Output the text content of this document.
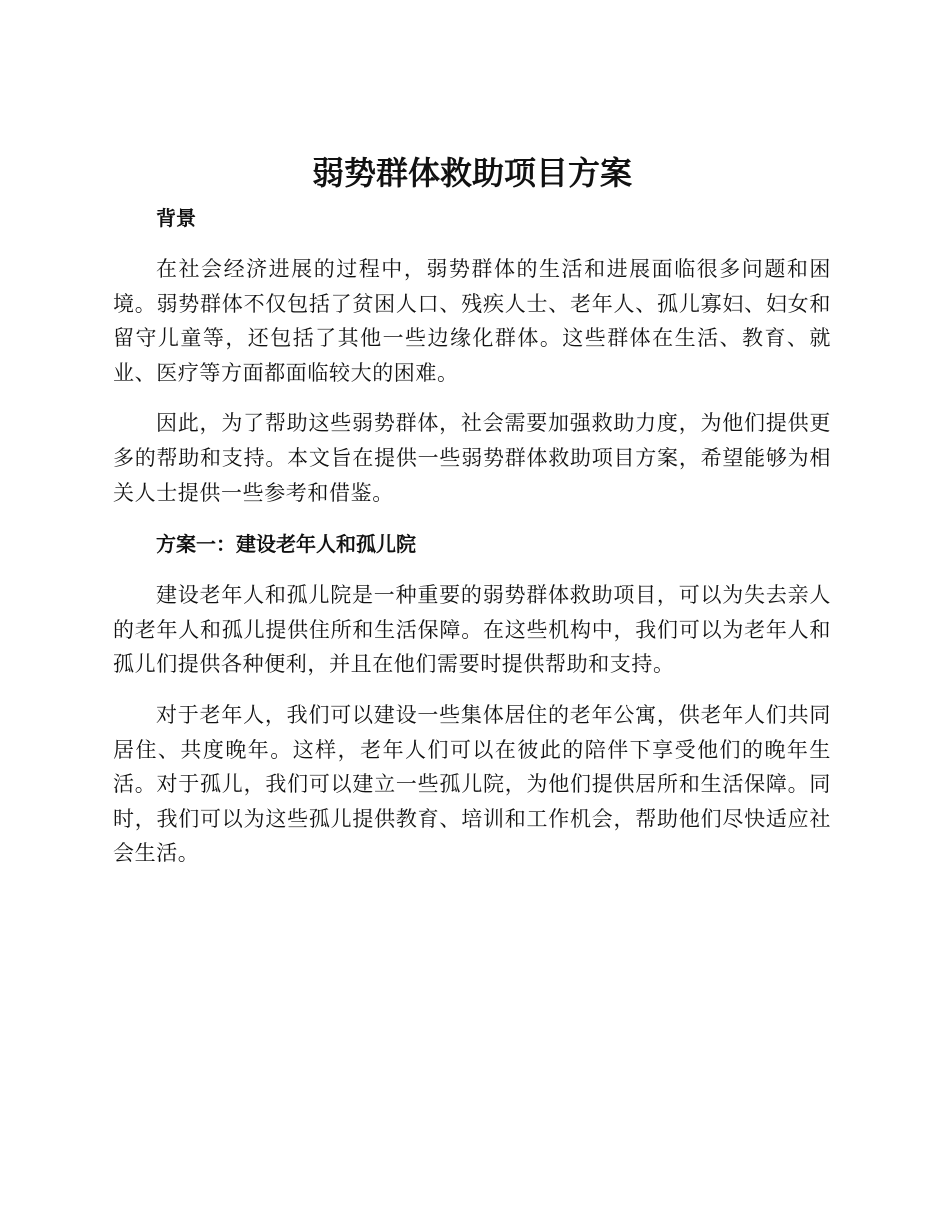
弱势群体救助项目方案
背景

在社会经济进展的过程中，弱势群体的生活和进展面临很多问题和困境。弱势群体不仅包括了贫困人口、残疾人士、老年人、孤儿寡妇、妇女和留守儿童等，还包括了其他一些边缘化群体。这些群体在生活、教育、就业、医疗等方面都面临较大的困难。

因此，为了帮助这些弱势群体，社会需要加强救助力度，为他们提供更多的帮助和支持。本文旨在提供一些弱势群体救助项目方案，希望能够为相关人士提供一些参考和借鉴。

方案一：建设老年人和孤儿院

建设老年人和孤儿院是一种重要的弱势群体救助项目，可以为失去亲人的老年人和孤儿提供住所和生活保障。在这些机构中，我们可以为老年人和孤儿们提供各种便利，并且在他们需要时提供帮助和支持。

对于老年人，我们可以建设一些集体居住的老年公寓，供老年人们共同居住、共度晚年。这样，老年人们可以在彼此的陪伴下享受他们的晚年生活。对于孤儿，我们可以建立一些孤儿院，为他们提供居所和生活保障。同时，我们可以为这些孤儿提供教育、培训和工作机会，帮助他们尽快适应社会生活。
